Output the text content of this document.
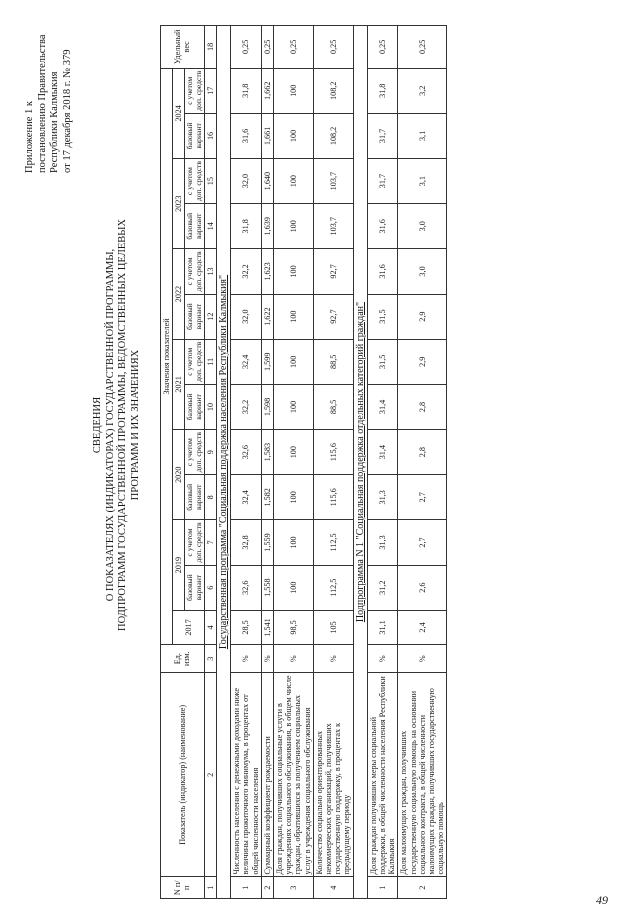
49
Приложение 1 к постановлению Правительства Республики Калмыкия от 17 декабря 2018 г. № 379
СВЕДЕНИЯ О ПОКАЗАТЕЛЯХ (ИНДИКАТОРАХ) ГОСУДАРСТВЕННОЙ ПРОГРАММЫ, ПОДПРОГРАММ ГОСУДАРСТВЕННОЙ ПРОГРАММЫ, ВЕДОМСТВЕННЫХ ЦЕЛЕВЫХ ПРОГРАММ И ИХ ЗНАЧЕНИЯХ
N п/п	Показатель (индикатор) (наименование)	Ед. изм.	Значения показателей													Удельный вес
			2017	2019		2020		2021		2022		2023		2024		
				базовый вариант	с учетом доп. средств	базовый вариант	с учетом доп. средств	базовый вариант	с учетом доп. средств	базовый вариант	с учетом доп. средств	базовый вариант	с учетом доп. средств	базовый вариант	с учетом доп. средств	
1	2	3	4	6	7	8	9	10	11	12	13	14	15	16	17	18
Государственная программа "Социальная поддержка населения Республики Калмыкия"																
1	Численность населения с денежными доходами ниже величины прожиточного минимума, в процентах от общей численности населения	%	28,5	32,6	32,8	32,4	32,6	32,2	32,4	32,0	32,2	31,8	32,0	31,6	31,8	0,25
2	Суммарный коэффициент рождаемости	%	1,541	1,558	1,559	1,582	1,583	1,598	1,599	1,622	1,623	1,639	1,640	1,661	1,662	0,25
3	Доля граждан, получивших социальные услуги в учреждениях социального обслуживания, в общем числе граждан, обратившихся за получением социальных услуг в учреждения социального обслуживания	%	98,5	100	100	100	100	100	100	100	100	100	100	100	100	0,25
4	Количество социально ориентированных некоммерческих организаций, получивших государственную поддержку, в процентах к предыдущему периоду	%	105	112,5	112,5	115,6	115,6	88,5	88,5	92,7	92,7	103,7	103,7	108,2	108,2	0,25
Подпрограмма N 1 "Социальная поддержка отдельных категорий граждан"																
1	Доля граждан получивших меры социальной поддержки, в общей численности населения Республики Калмыкия	%	31,1	31,2	31,3	31,3	31,4	31,4	31,5	31,5	31,6	31,6	31,7	31,7	31,8	0,25
2	Доля малоимущих граждан, получивших государственную социальную помощь на основании социального контракта, в общей численности малоимущих граждан, получивших государственную социальную помощь	%	2,4	2,6	2,7	2,7	2,8	2,8	2,9	2,9	3,0	3,0	3,1	3,1	3,2	0,25
